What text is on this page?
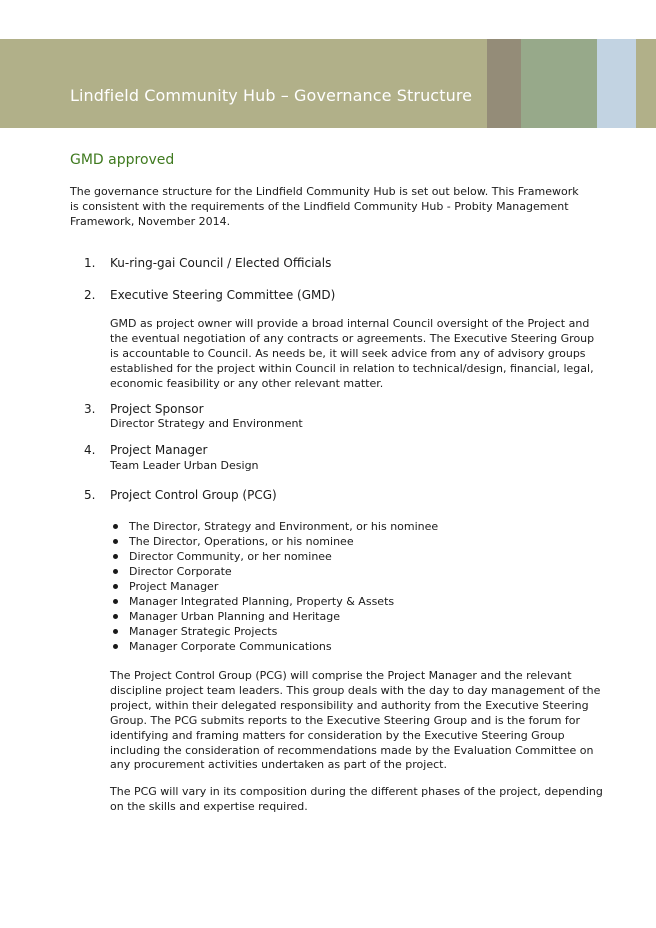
Lindfield Community Hub – Governance Structure
GMD approved

The governance structure for the Lindfield Community Hub is set out below. This Framework is consistent with the requirements of the Lindfield Community Hub - Probity Management Framework, November 2014.

1. Ku-ring-gai Council / Elected Officials
2. Executive Steering Committee (GMD)

GMD as project owner will provide a broad internal Council oversight of the Project and the eventual negotiation of any contracts or agreements. The Executive Steering Group is accountable to Council. As needs be, it will seek advice from any of advisory groups established for the project within Council in relation to technical/design, financial, legal, economic feasibility or any other relevant matter.

3. Project Sponsor
Director Strategy and Environment
4. Project Manager
Team Leader Urban Design
5. Project Control Group (PCG)
The Director, Strategy and Environment, or his nominee
The Director, Operations, or his nominee
Director Community, or her nominee
Director Corporate
Project Manager
Manager Integrated Planning, Property & Assets
Manager Urban Planning and Heritage
Manager Strategic Projects
Manager Corporate Communications

The Project Control Group (PCG) will comprise the Project Manager and the relevant discipline project team leaders. This group deals with the day to day management of the project, within their delegated responsibility and authority from the Executive Steering Group. The PCG submits reports to the Executive Steering Group and is the forum for identifying and framing matters for consideration by the Executive Steering Group including the consideration of recommendations made by the Evaluation Committee on any procurement activities undertaken as part of the project.

The PCG will vary in its composition during the different phases of the project, depending on the skills and expertise required.
